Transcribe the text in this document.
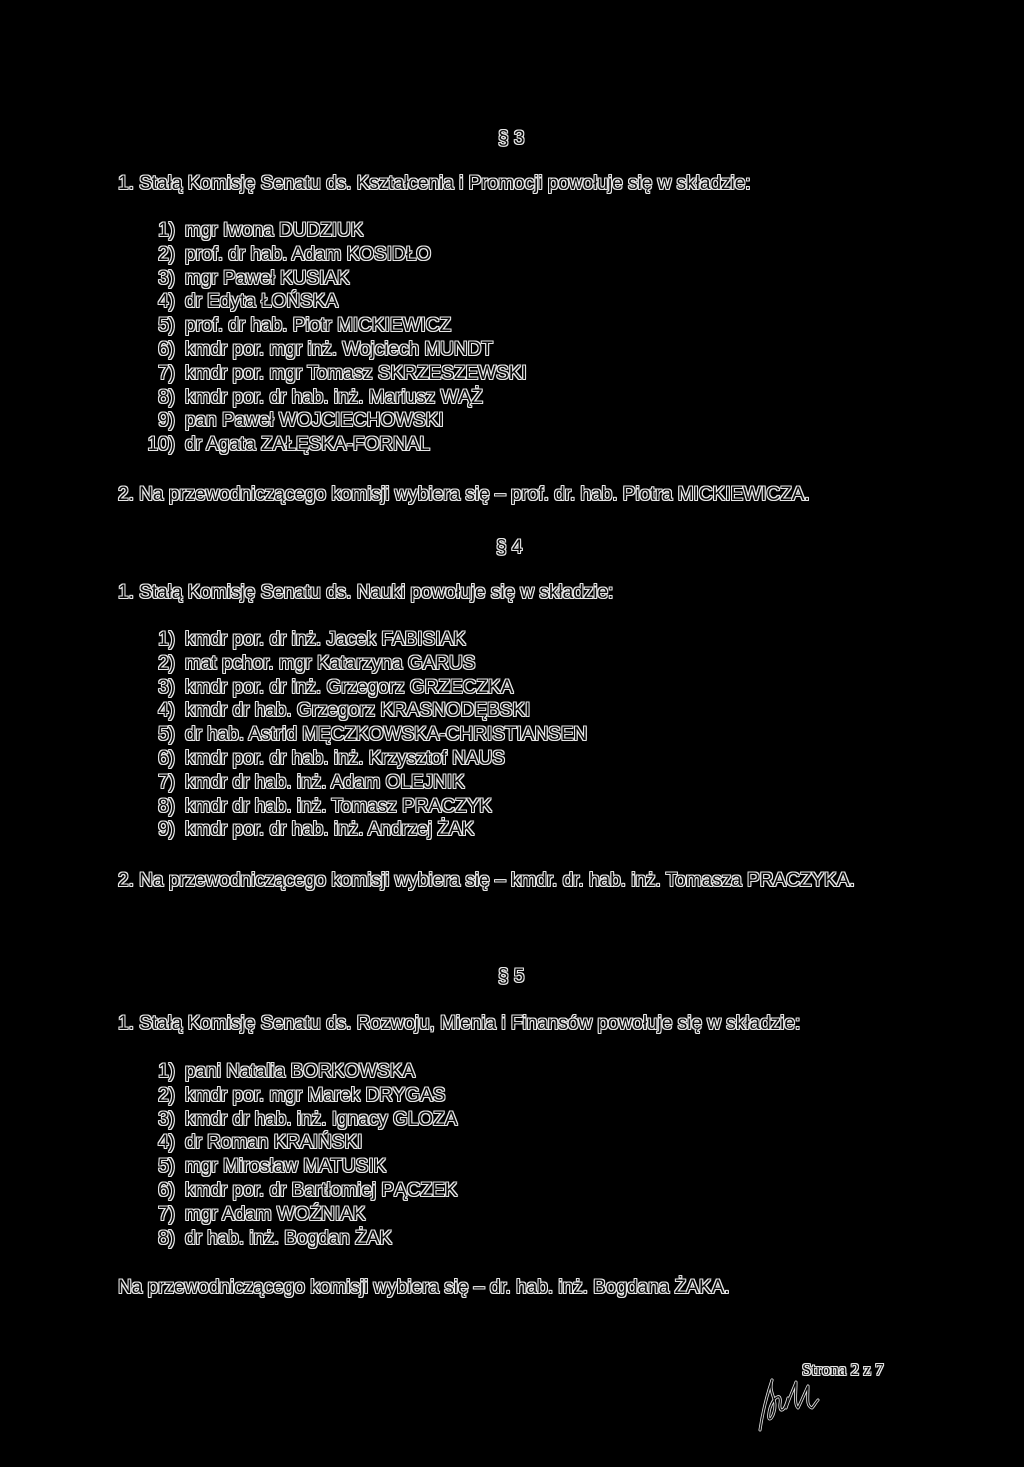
§ 3
1. Stałą Komisję Senatu ds. Kształcenia i Promocji powołuje się w składzie:
1) mgr Iwona DUDZIUK
2) prof. dr hab. Adam KOSIDŁO
3) mgr Paweł KUSIAK
4) dr Edyta ŁOŃSKA
5) prof. dr hab. Piotr MICKIEWICZ
6) kmdr por. mgr inż. Wojciech MUNDT
7) kmdr por. mgr Tomasz SKRZESZEWSKI
8) kmdr por. dr hab. inż. Mariusz WĄŻ
9) pan Paweł WOJCIECHOWSKI
10) dr Agata ZAŁĘSKA-FORNAL
2. Na przewodniczącego komisji wybiera się – prof. dr. hab. Piotra MICKIEWICZA.
§ 4
1. Stałą Komisję Senatu ds. Nauki powołuje się w składzie:
1) kmdr por. dr inż. Jacek FABISIAK
2) mat pchor. mgr Katarzyna GARUS
3) kmdr por. dr inż. Grzegorz GRZECZKA
4) kmdr dr hab. Grzegorz KRASNODĘBSKI
5) dr hab. Astrid MĘCZKOWSKA-CHRISTIANSEN
6) kmdr por. dr hab. inż. Krzysztof NAUS
7) kmdr dr hab. inż. Adam OLEJNIK
8) kmdr dr hab. inż. Tomasz PRACZYK
9) kmdr por. dr hab. inż. Andrzej ŻAK
2. Na przewodniczącego komisji wybiera się – kmdr. dr. hab. inż. Tomasza PRACZYKA.
§ 5
1. Stałą Komisję Senatu ds. Rozwoju, Mienia i Finansów powołuje się w składzie:
1) pani Natalia BORKOWSKA
2) kmdr por. mgr Marek DRYGAS
3) kmdr dr hab. inż. Ignacy GLOZA
4) dr Roman KRAIŃSKI
5) mgr Mirosław MATUSIK
6) kmdr por. dr Bartłomiej PĄCZEK
7) mgr Adam WOŹNIAK
8) dr hab. inż. Bogdan ŻAK
Na przewodniczącego komisji wybiera się – dr. hab. inż. Bogdana ŻAKA.
Strona 2 z 7
